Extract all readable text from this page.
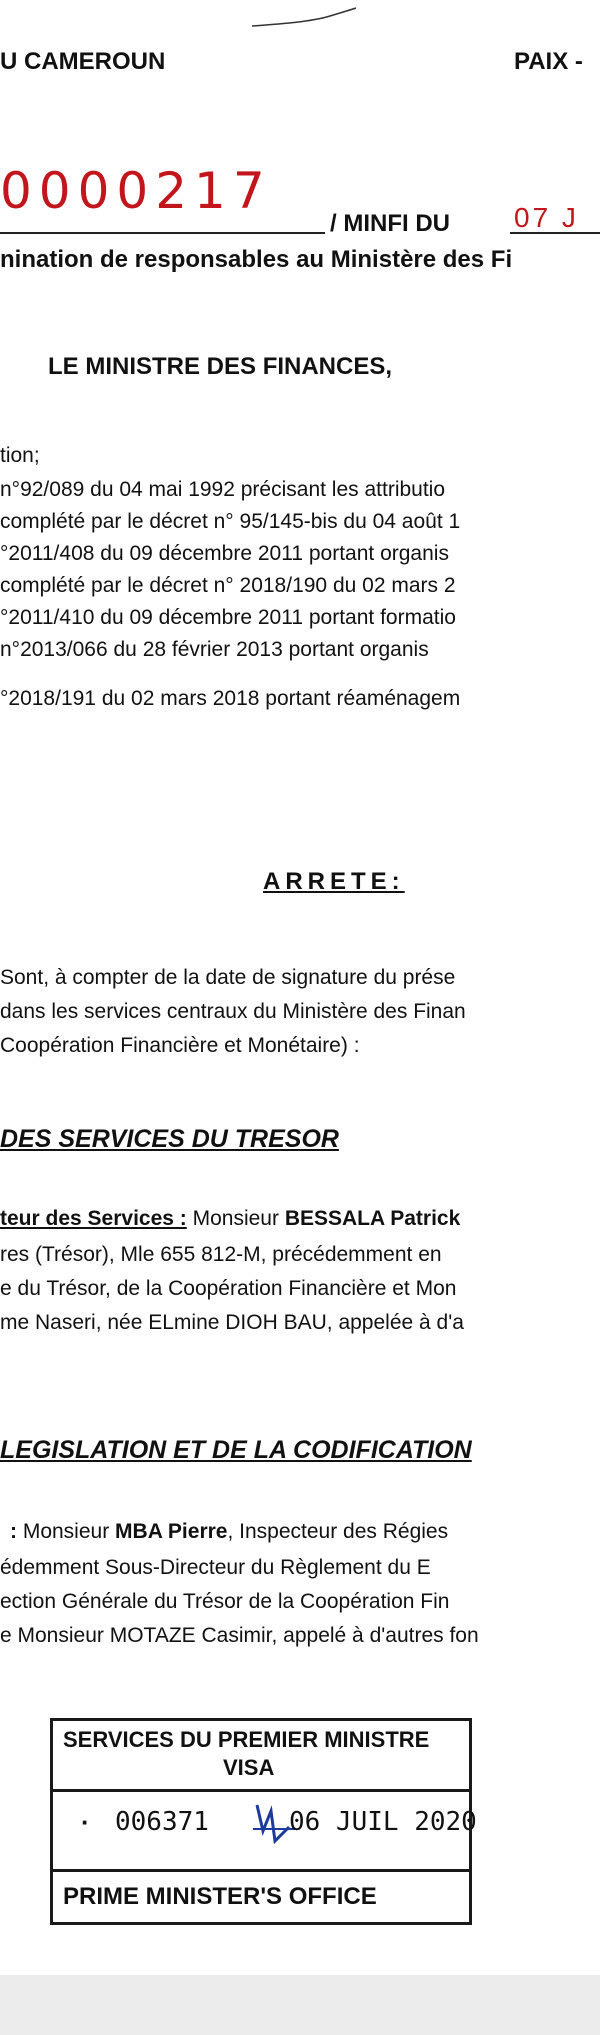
U CAMEROUN	PAIX -
0000217
/ MINFI DU 07 J
nination de responsables au Ministère des Fi
LE MINISTRE DES FINANCES,
tion;
n°92/089 du 04 mai 1992 précisant les attributio
complété par le décret n° 95/145-bis du 04 août 1
°2011/408 du 09 décembre 2011 portant organis
complété par le décret n° 2018/190 du 02 mars 2
°2011/410 du 09 décembre 2011 portant formatio
n°2013/066 du 28 février 2013 portant organis
°2018/191 du 02 mars 2018 portant réaménagem
ARRETE:
Sont, à compter de la date de signature du prése
dans les services centraux du Ministère des Finan
Coopération Financière et Monétaire) :
DES SERVICES DU TRESOR
teur des Services : Monsieur BESSALA Patrick
res (Trésor), Mle 655 812-M, précédemment en
e du Trésor, de la Coopération Financière et Mon
me Naseri, née ELmine DIOH BAU, appelée à d'a
LEGISLATION ET DE LA CODIFICATION
: Monsieur MBA Pierre, Inspecteur des Régies
édemment Sous-Directeur du Règlement du E
ection Générale du Trésor de la Coopération Fin
e Monsieur MOTAZE Casimir, appelé à d'autres fon
SERVICES DU PREMIER MINISTRE
VISA
· 006371	06 JUIL 2020
PRIME MINISTER'S OFFICE
